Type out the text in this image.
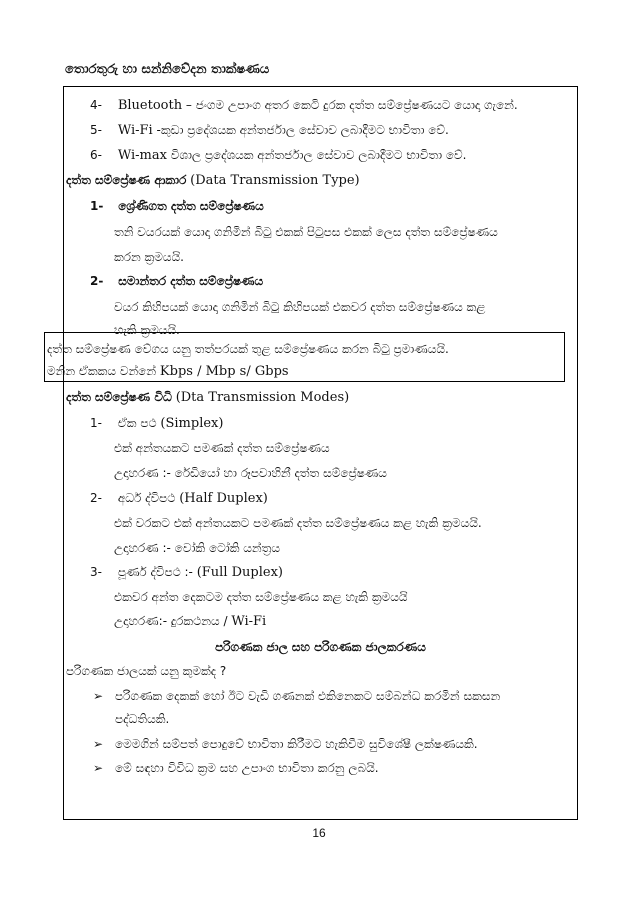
තොරතුරු හා සන්නිවේදන තාක්ෂණය
4- Bluetooth – ජංගම උපාංග අතර කෙටි දුරක දත්ත සම්ප්‍රේෂණයට යොදා ගැනේ.
5- Wi-Fi -කුඩා ප්‍රදේශයක අන්තර්ජාල සේවාව ලබාදීමට භාවිතා වේ.
6- Wi-max විශාල ප්‍රදේශයක අන්තර්ජාල සේවාව ලබාදීමට භාවිතා වේ.
දත්ත සම්ප්‍රේෂණ ආකාර (Data Transmission Type)
1- ශ්‍රේණිගත දත්ත සම්ප්‍රේෂණය
තනි වයරයක් යොදා ගනිමින් බිටු එකක් පිටුපස එකක් ලෙස දත්ත සම්ප්‍රේෂණය
කරන ක්‍රමයයි.
2- සමාන්තර දත්ත සම්ප්‍රේෂණය
වයර කිහිපයක් යොදා ගනිමින් බිටු කිහිපයක් එකවර දත්ත සම්ප්‍රේෂණය කළ
හැකි ක්‍රමයයි.
දත්ත සම්ප්‍රේෂණ වේගය යනු තත්පරයක් තුළ සම්ප්‍රේෂණය කරන බිටු ප්‍රමාණයයි.
මනින ඒකකය වන්නේ Kbps / Mbp s/ Gbps
දත්ත සම්ප්‍රේෂණ විධි (Dta Transmission Modes)
1- ඒක පථ (Simplex)
එක් අන්තයකට පමණක් දත්ත සම්ප්‍රේෂණය
උදාහරණ :- රේඩියෝ හා රූපවාහිනී දත්ත සම්ප්‍රේෂණය
2- අර්ධ ද්විපථ (Half Duplex)
එක් වරකට එක් අන්තයකට පමණක් දත්ත සම්ප්‍රේෂණය කළ හැකි ක්‍රමයයි.
උදාහරණ :- වෝකි ටෝකි යන්ත්‍රය
3- පූර්ණ ද්විපථ :- (Full Duplex)
එකවර අන්ත දෙකටම දත්ත සම්ප්‍රේෂණය කළ හැකි ක්‍රමයයි
උදාහරණ:- දුරකථනය / Wi-Fi
පරිගණක ජාල සහ පරිගණක ජාලකරණය
පරිගණක ජාලයක් යනු කුමක්ද ?
➢ පරිගණක දෙකක් හෝ ඊට වැඩි ගණනක් එකිනෙකට සම්බන්ධ කරමින් සකසන
පද්ධතියකි.
➢ මෙමගින් සම්පත් පොදුවේ භාවිතා කිරීමට හැකිවීම සුවිශේෂී ලක්ෂණයකි.
➢ මේ සඳහා විවිධ ක්‍රම සහ උපාංග භාවිතා කරනු ලබයි.
16
